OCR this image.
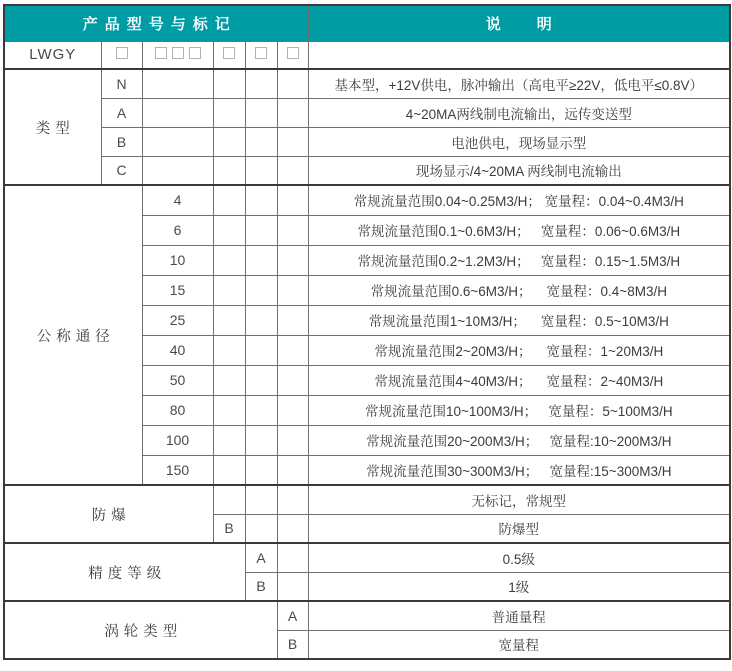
产品型号与标记						说明
LWGY	

类型	N					基本型，+12V供电，脉冲输出（高电平≥22V，低电平≤0.8V）
	A					4~20MA两线制电流输出，远传变送型
	B					电池供电，现场显示型
	C					现场显示/4~20MA 两线制电流输出
公称通径		4				常规流量范围0.04~0.25M3/H； 宽量程：0.04~0.4M3/H
		6				常规流量范围0.1~0.6M3/H；   宽量程：0.06~0.6M3/H
		10				常规流量范围0.2~1.2M3/H；   宽量程：0.15~1.5M3/H
		15				常规流量范围0.6~6M3/H；    宽量程：0.4~8M3/H
		25				常规流量范围1~10M3/H；    宽量程：0.5~10M3/H
		40				常规流量范围2~20M3/H；    宽量程：1~20M3/H
		50				常规流量范围4~40M3/H；    宽量程：2~40M3/H
		80				常规流量范围10~100M3/H；   宽量程：5~100M3/H
		100				常规流量范围20~200M3/H；   宽量程:10~200M3/H
		150				常规流量范围30~300M3/H；   宽量程:15~300M3/H
防爆						无标记，常规型
			B			防爆型
精度等级				A		0.5级
				B		1级
涡轮类型					A	普通量程
					B	宽量程
